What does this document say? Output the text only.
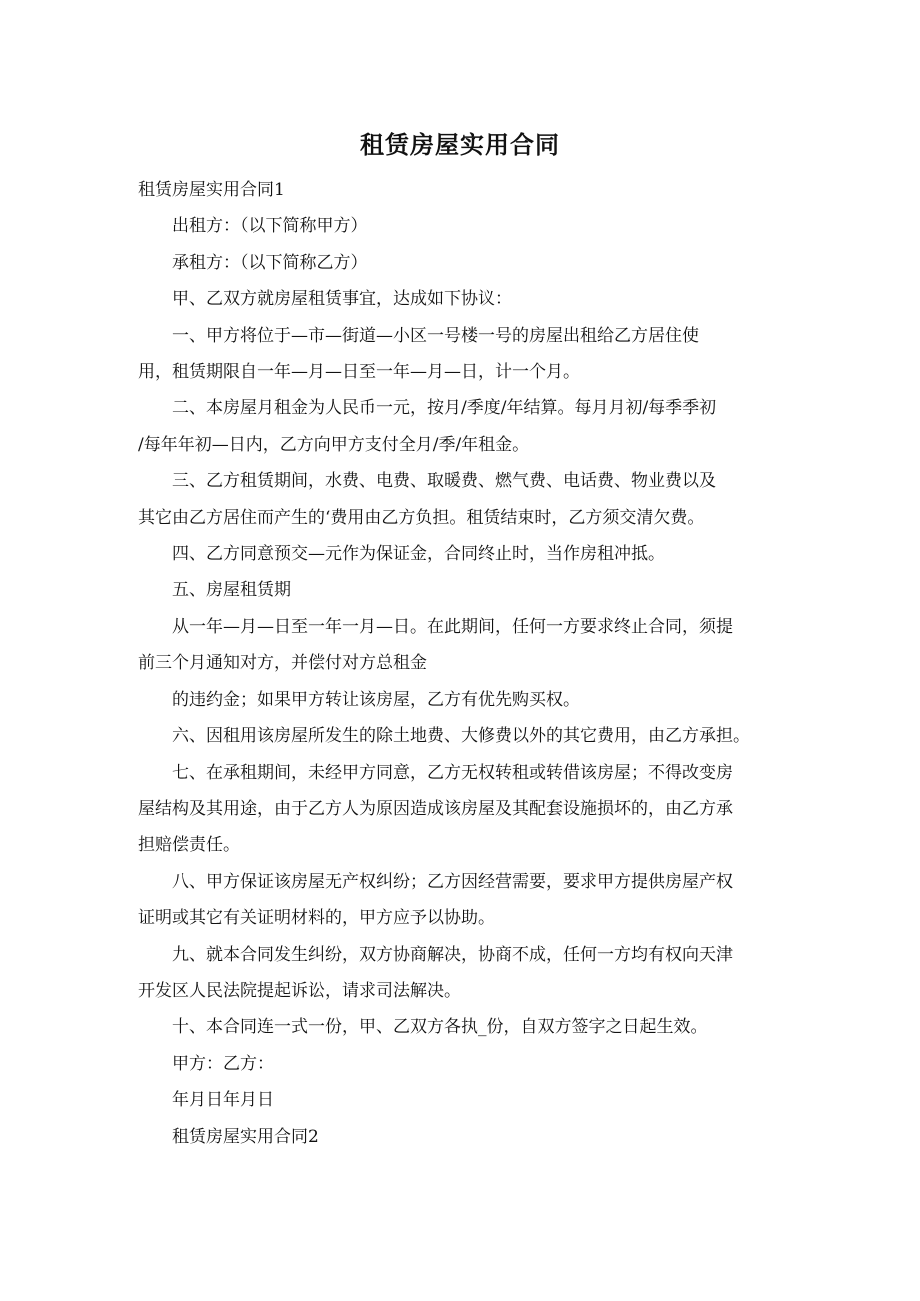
租赁房屋实用合同

租赁房屋实用合同1

出租方：（以下简称甲方）

承租方：（以下简称乙方）

甲、乙双方就房屋租赁事宜，达成如下协议：

一、甲方将位于—市—街道—小区一号楼一号的房屋出租给乙方居住使

用，租赁期限自一年—月—日至一年—月—日，计一个月。

二、本房屋月租金为人民币一元，按月/季度/年结算。每月月初/每季季初

/每年年初—日内，乙方向甲方支付全月/季/年租金。

三、乙方租赁期间，水费、电费、取暖费、燃气费、电话费、物业费以及

其它由乙方居住而产生的‘费用由乙方负担。租赁结束时，乙方须交清欠费。

四、乙方同意预交—元作为保证金，合同终止时，当作房租冲抵。

五、房屋租赁期

从一年—月—日至一年一月—日。在此期间，任何一方要求终止合同，须提

前三个月通知对方，并偿付对方总租金

的违约金；如果甲方转让该房屋，乙方有优先购买权。

六、因租用该房屋所发生的除土地费、大修费以外的其它费用，由乙方承担。

七、在承租期间，未经甲方同意，乙方无权转租或转借该房屋；不得改变房

屋结构及其用途，由于乙方人为原因造成该房屋及其配套设施损坏的，由乙方承

担赔偿责任。

八、甲方保证该房屋无产权纠纷；乙方因经营需要，要求甲方提供房屋产权

证明或其它有关证明材料的，甲方应予以协助。

九、就本合同发生纠纷，双方协商解决，协商不成，任何一方均有权向天津

开发区人民法院提起诉讼，请求司法解决。

十、本合同连一式一份，甲、乙双方各执_份，自双方签字之日起生效。

甲方：乙方：

年月日年月日

租赁房屋实用合同2
